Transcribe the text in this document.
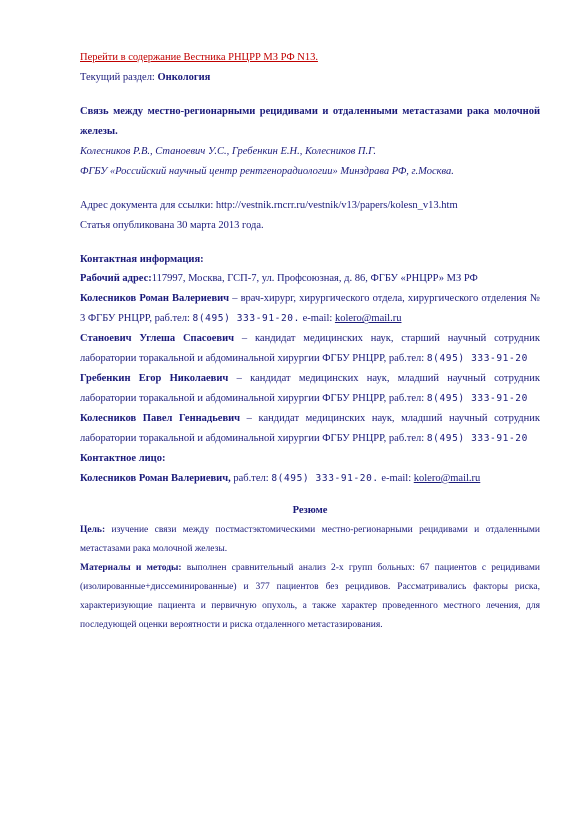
Перейти в содержание Вестника РНЦРР МЗ РФ N13.

Текущий раздел: Онкология

Связь между местно-регионарными рецидивами и отдаленными метастазами рака молочной железы.

Колесников Р.В., Станоевич У.С., Гребенкин Е.Н., Колесников П.Г.

ФГБУ «Российский научный центр рентгенорадиологии» Минздрава РФ, г.Москва.

Адрес документа для ссылки: http://vestnik.rncrr.ru/vestnik/v13/papers/kolesn_v13.htm

Статья опубликована 30 марта 2013 года.

Контактная информация:

Рабочий адрес:117997, Москва, ГСП-7, ул. Профсоюзная, д. 86, ФГБУ «РНЦРР» МЗ РФ

Колесников Роман Валериевич – врач-хирург, хирургического отдела, хирургического отделения № 3 ФГБУ РНЦРР, раб.тел: 8(495) 333-91-20. e-mail: kolero@mail.ru

Станоевич Углеша Спасоевич – кандидат медицинских наук, старший научный сотрудник лаборатории торакальной и абдоминальной хирургии ФГБУ РНЦРР, раб.тел: 8(495) 333-91-20

Гребенкин Егор Николаевич – кандидат медицинских наук, младший научный сотрудник лаборатории торакальной и абдоминальной хирургии ФГБУ РНЦРР, раб.тел: 8(495) 333-91-20

Колесников Павел Геннадьевич – кандидат медицинских наук, младший научный сотрудник лаборатории торакальной и абдоминальной хирургии ФГБУ РНЦРР, раб.тел: 8(495) 333-91-20

Контактное лицо:

Колесников Роман Валериевич, раб.тел: 8(495) 333-91-20. e-mail: kolero@mail.ru

Резюме

Цель: изучение связи между постмастэктомическими местно-регионарными рецидивами и отдаленными метастазами рака молочной железы.

Материалы и методы: выполнен сравнительный анализ 2-х групп больных: 67 пациентов с рецидивами (изолированные+диссеминированные) и 377 пациентов без рецидивов. Рассматривались факторы риска, характеризующие пациента и первичную опухоль, а также характер проведенного местного лечения, для последующей оценки вероятности и риска отдаленного метастазирования.
